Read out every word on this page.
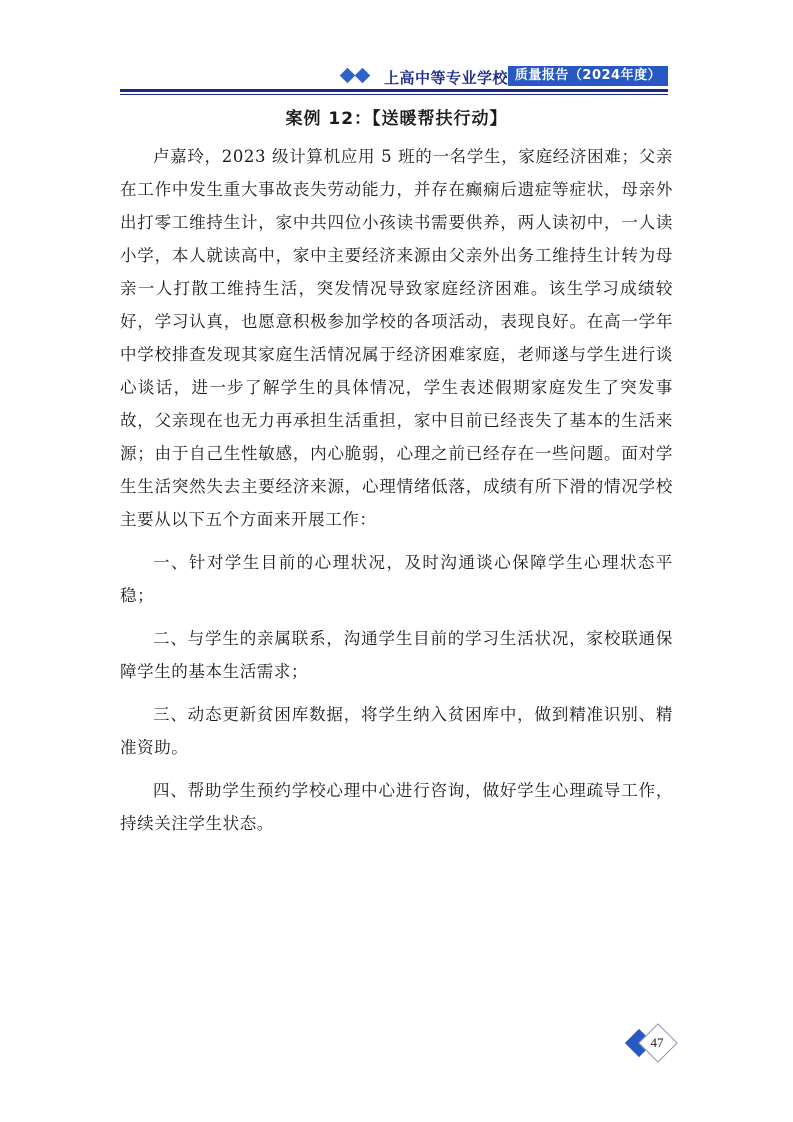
上高中等专业学校 质量报告（2024年度）
案例 12：【送暖帮扶行动】

卢嘉玲，2023 级计算机应用 5 班的一名学生，家庭经济困难；父亲在工作中发生重大事故丧失劳动能力，并存在癫痫后遗症等症状，母亲外出打零工维持生计，家中共四位小孩读书需要供养，两人读初中，一人读小学，本人就读高中，家中主要经济来源由父亲外出务工维持生计转为母亲一人打散工维持生活，突发情况导致家庭经济困难。该生学习成绩较好，学习认真，也愿意积极参加学校的各项活动，表现良好。在高一学年中学校排查发现其家庭生活情况属于经济困难家庭，老师遂与学生进行谈心谈话，进一步了解学生的具体情况，学生表述假期家庭发生了突发事故，父亲现在也无力再承担生活重担，家中目前已经丧失了基本的生活来源；由于自己生性敏感，内心脆弱，心理之前已经存在一些问题。面对学生生活突然失去主要经济来源，心理情绪低落，成绩有所下滑的情况学校主要从以下五个方面来开展工作：

一、针对学生目前的心理状况，及时沟通谈心保障学生心理状态平稳；

二、与学生的亲属联系，沟通学生目前的学习生活状况，家校联通保障学生的基本生活需求；

三、动态更新贫困库数据，将学生纳入贫困库中，做到精准识别、精准资助。

四、帮助学生预约学校心理中心进行咨询，做好学生心理疏导工作，持续关注学生状态。

47
